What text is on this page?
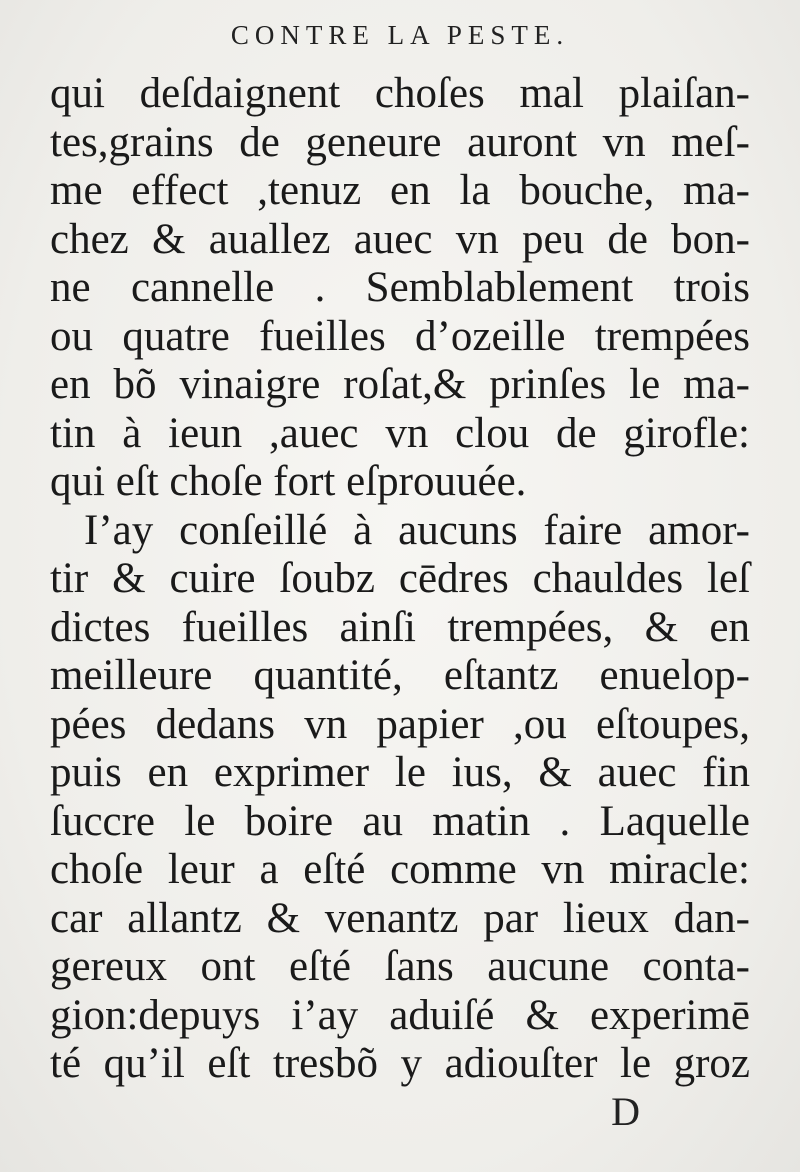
CONTRE LA PESTE.
qui deſdaignent choſes mal plaiſan-
tes,grains de geneure auront vn meſ-
me effect ,tenuz en la bouche, ma-
chez & auallez auec vn peu de bon-
ne cannelle . Semblablement trois
ou quatre fueilles d’ozeille trempées
en bõ vinaigre roſat,& prinſes le ma-
tin à ieun ,auec vn clou de girofle:
qui eſt choſe fort eſprouuée.
I’ay conſeillé à aucuns faire amor-
tir & cuire ſoubz cēdres chauldes leſ
dictes fueilles ainſi trempées, & en
meilleure quantité, eſtantz enuelop-
pées dedans vn papier ,ou eſtoupes,
puis en exprimer le ius, & auec fin
ſuccre le boire au matin . Laquelle
choſe leur a eſté comme vn miracle:
car allantz & venantz par lieux dan-
gereux ont eſté ſans aucune conta-
gion:depuys i’ay aduiſé & experimē
té qu’il eſt tresbõ y adiouſter le groz
D
